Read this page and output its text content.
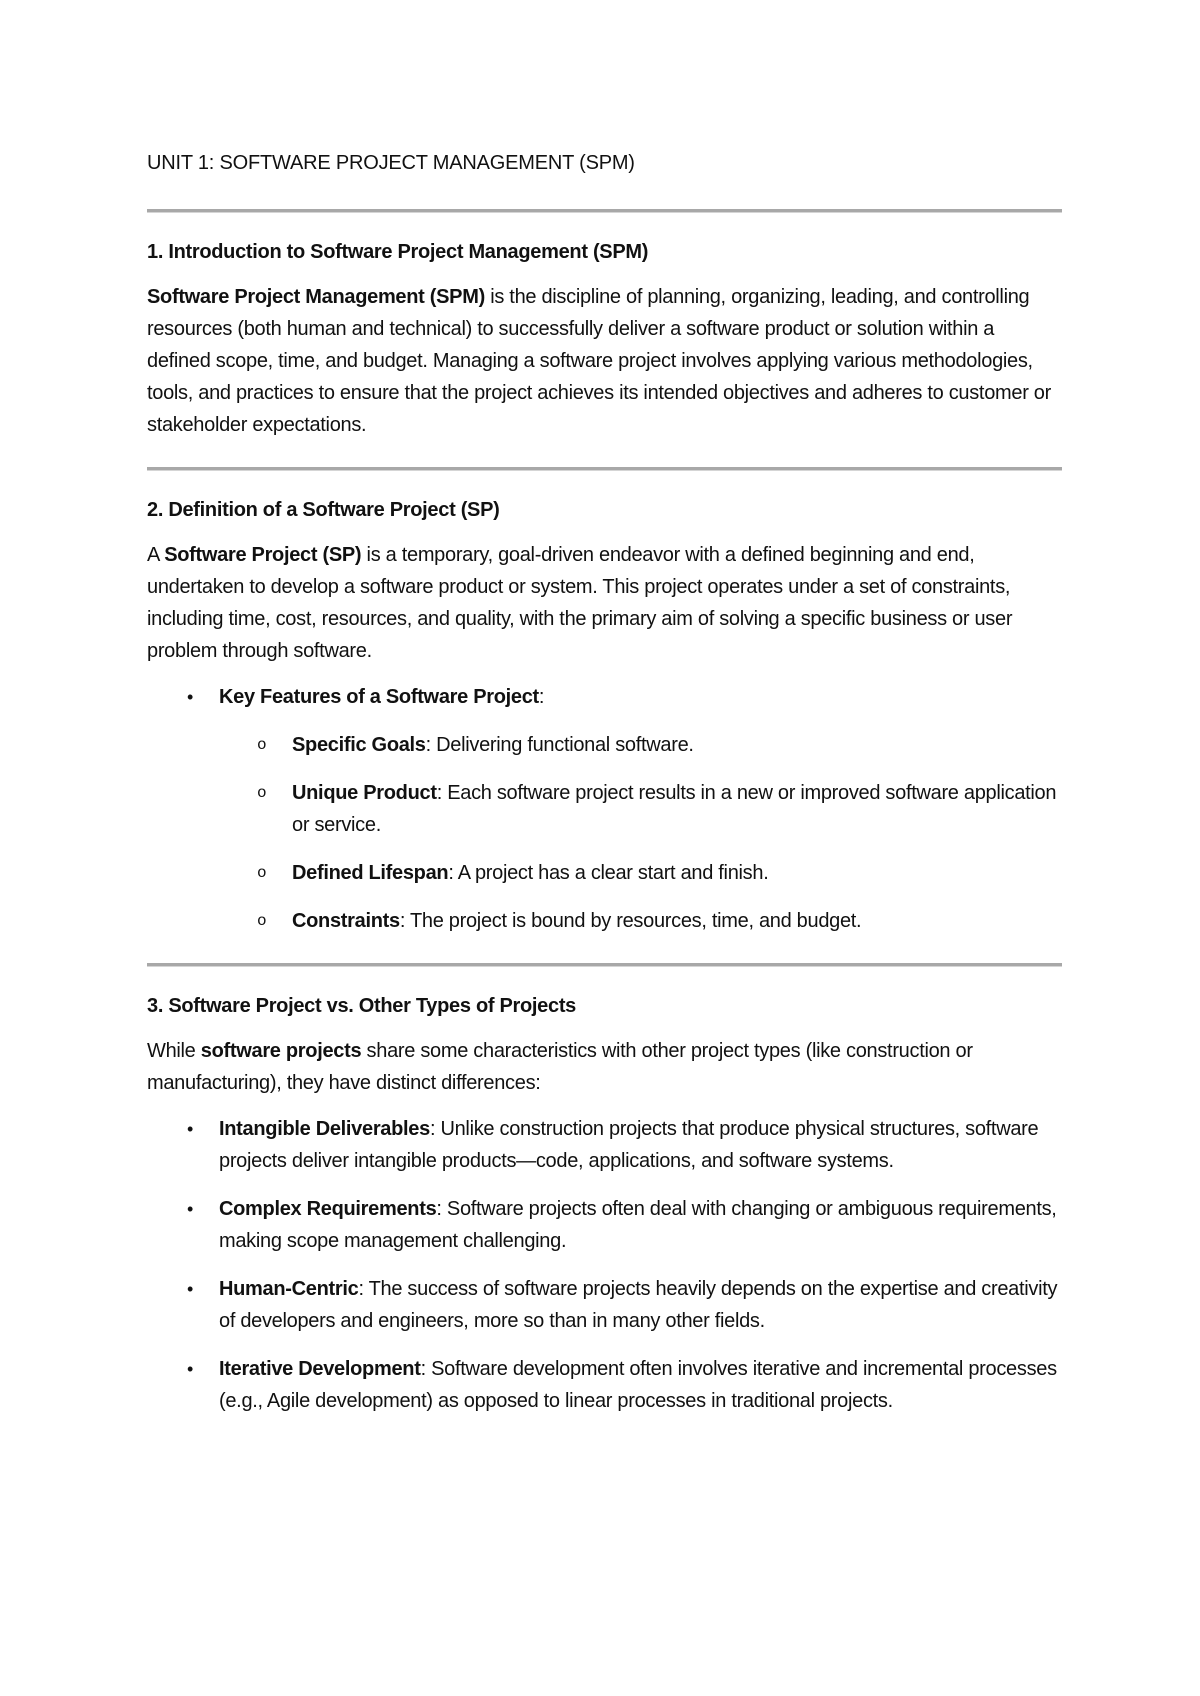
UNIT 1: SOFTWARE PROJECT MANAGEMENT (SPM)
1. Introduction to Software Project Management (SPM)

Software Project Management (SPM) is the discipline of planning, organizing, leading, and controlling resources (both human and technical) to successfully deliver a software product or solution within a defined scope, time, and budget. Managing a software project involves applying various methodologies, tools, and practices to ensure that the project achieves its intended objectives and adheres to customer or stakeholder expectations.

2. Definition of a Software Project (SP)

A Software Project (SP) is a temporary, goal-driven endeavor with a defined beginning and end, undertaken to develop a software product or system. This project operates under a set of constraints, including time, cost, resources, and quality, with the primary aim of solving a specific business or user problem through software.

• Key Features of a Software Project:
o Specific Goals: Delivering functional software.
o Unique Product: Each software project results in a new or improved software application or service.
o Defined Lifespan: A project has a clear start and finish.
o Constraints: The project is bound by resources, time, and budget.
3. Software Project vs. Other Types of Projects

While software projects share some characteristics with other project types (like construction or manufacturing), they have distinct differences:

• Intangible Deliverables: Unlike construction projects that produce physical structures, software projects deliver intangible products—code, applications, and software systems.
• Complex Requirements: Software projects often deal with changing or ambiguous requirements, making scope management challenging.
• Human-Centric: The success of software projects heavily depends on the expertise and creativity of developers and engineers, more so than in many other fields.
• Iterative Development: Software development often involves iterative and incremental processes (e.g., Agile development) as opposed to linear processes in traditional projects.
